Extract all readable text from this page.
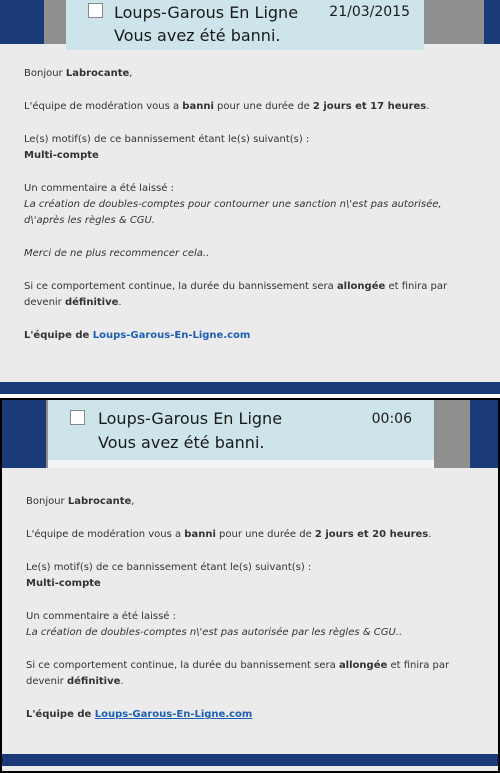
Loups-Garous En Ligne 21/03/2015
Vous avez été banni.

Bonjour Labrocante,

L'équipe de modération vous a banni pour une durée de 2 jours et 17 heures.

Le(s) motif(s) de ce bannissement étant le(s) suivant(s) :
Multi-compte

Un commentaire a été laissé :
La création de doubles-comptes pour contourner une sanction n\'est pas autorisée, d\'après les règles & CGU.

Merci de ne plus recommencer cela..

Si ce comportement continue, la durée du bannissement sera allongée et finira par devenir définitive.

L'équipe de Loups-Garous-En-Ligne.com

Loups-Garous En Ligne	00:06
Vous avez été banni.

Bonjour Labrocante,

L'équipe de modération vous a banni pour une durée de 2 jours et 20 heures.

Le(s) motif(s) de ce bannissement étant le(s) suivant(s) :
Multi-compte

Un commentaire a été laissé :
La création de doubles-comptes n\'est pas autorisée par les règles & CGU..

Si ce comportement continue, la durée du bannissement sera allongée et finira par devenir définitive.

L'équipe de Loups-Garous-En-Ligne.com
